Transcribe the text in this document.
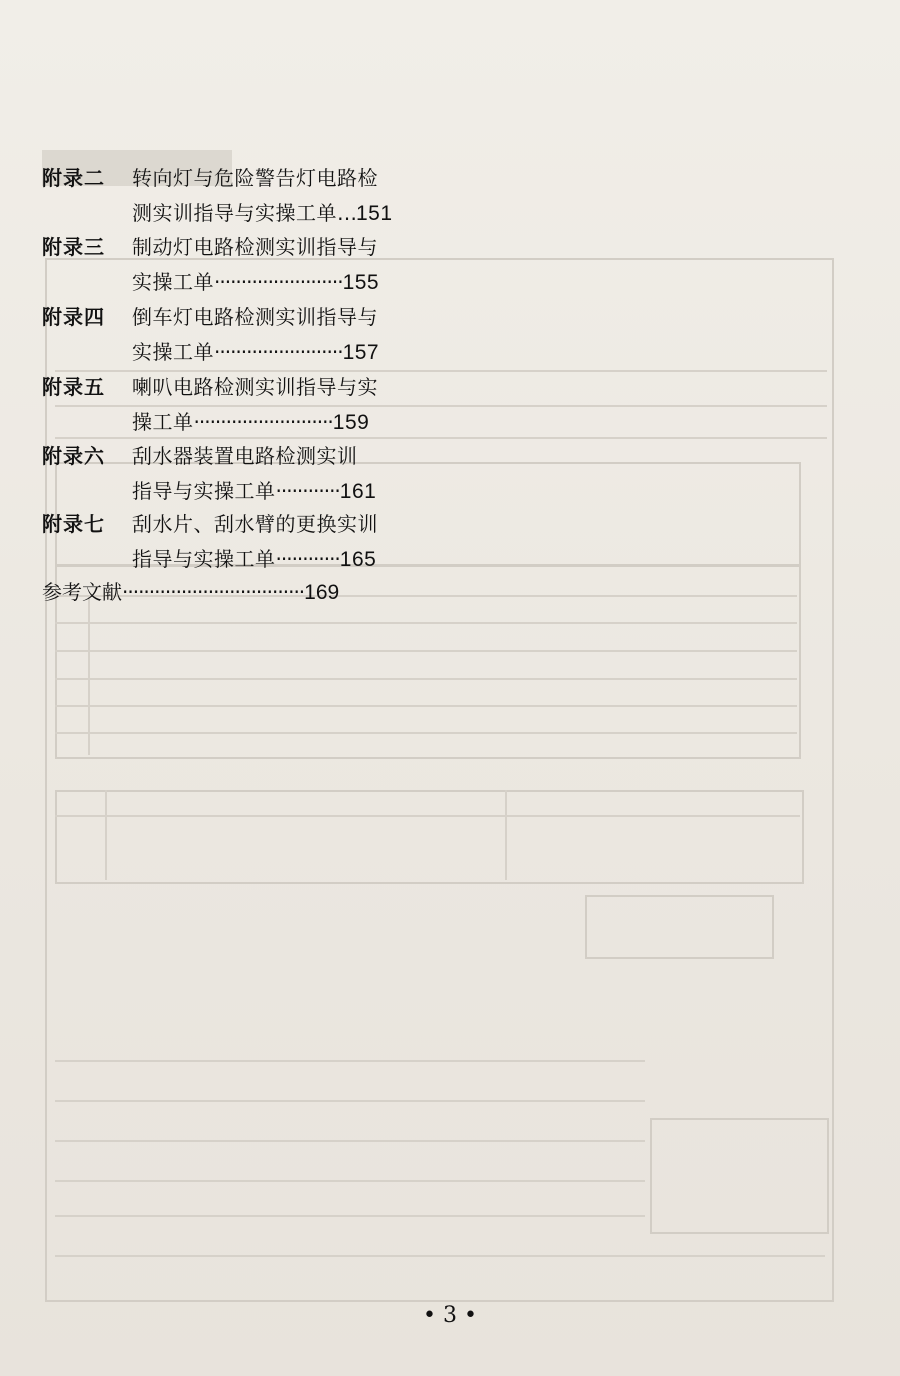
附录二 转向灯与危险警告灯电路检
测实训指导与实操工单…151
附录三 制动灯电路检测实训指导与
实操工单························155
附录四 倒车灯电路检测实训指导与
实操工单························157
附录五 喇叭电路检测实训指导与实
操工单··························159
附录六 刮水器装置电路检测实训
指导与实操工单············161
附录七 刮水片、刮水臂的更换实训
指导与实操工单············165
参考文献··································169
• 3 •
